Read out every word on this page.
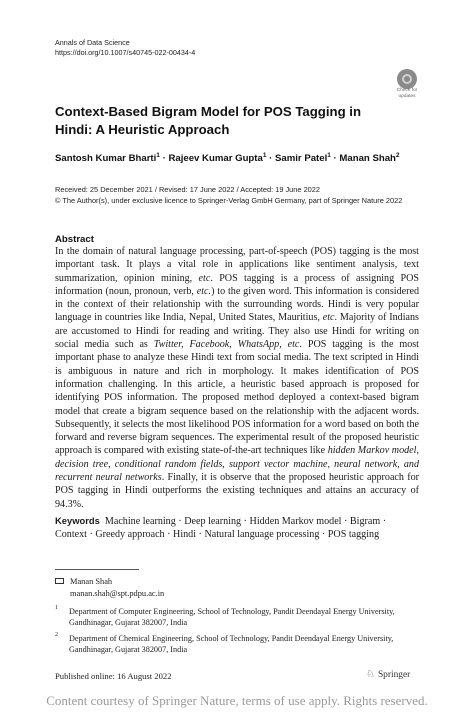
Annals of Data Science
https://doi.org/10.1007/s40745-022-00434-4
Check for
updates
Context-Based Bigram Model for POS Tagging in Hindi: A Heuristic Approach
Santosh Kumar Bharti$^1$ · Rajeev Kumar Gupta$^1$ · Samir Patel$^1$ · Manan Shah$^2$
Received: 25 December 2021 / Revised: 17 June 2022 / Accepted: 19 June 2022
© The Author(s), under exclusive licence to Springer-Verlag GmbH Germany, part of Springer Nature 2022
Abstract
In the domain of natural language processing, part-of-speech (POS) tagging is the most important task. It plays a vital role in applications like sentiment analysis, text summarization, opinion mining, etc. POS tagging is a process of assigning POS information (noun, pronoun, verb, etc.) to the given word. This information is considered in the context of their relationship with the surrounding words. Hindi is very popular language in countries like India, Nepal, United States, Mauritius, etc. Majority of Indians are accustomed to Hindi for reading and writing. They also use Hindi for writing on social media such as Twitter, Facebook, WhatsApp, etc. POS tagging is the most important phase to analyze these Hindi text from social media. The text scripted in Hindi is ambiguous in nature and rich in morphology. It makes identification of POS information challenging. In this article, a heuristic based approach is proposed for identifying POS information. The proposed method deployed a context-based bigram model that create a bigram sequence based on the relationship with the adjacent words. Subsequently, it selects the most likelihood POS information for a word based on both the forward and reverse bigram sequences. The experimental result of the proposed heuristic approach is compared with existing state-of-the-art techniques like hidden Markov model, decision tree, conditional random fields, support vector machine, neural network, and recurrent neural networks. Finally, it is observe that the proposed heuristic approach for POS tagging in Hindi outperforms the existing techniques and attains an accuracy of 94.3%.
Keywords  Machine learning · Deep learning · Hidden Markov model · Bigram · Context · Greedy approach · Hindi · Natural language processing · POS tagging
Manan Shah
manan.shah@spt.pdpu.ac.in
1 Department of Computer Engineering, School of Technology, Pandit Deendayal Energy University, Gandhinagar, Gujarat 382007, India
2 Department of Chemical Engineering, School of Technology, Pandit Deendayal Energy University, Gandhinagar, Gujarat 382007, India
Published online: 16 August 2022	♘ Springer
Content courtesy of Springer Nature, terms of use apply. Rights reserved.
